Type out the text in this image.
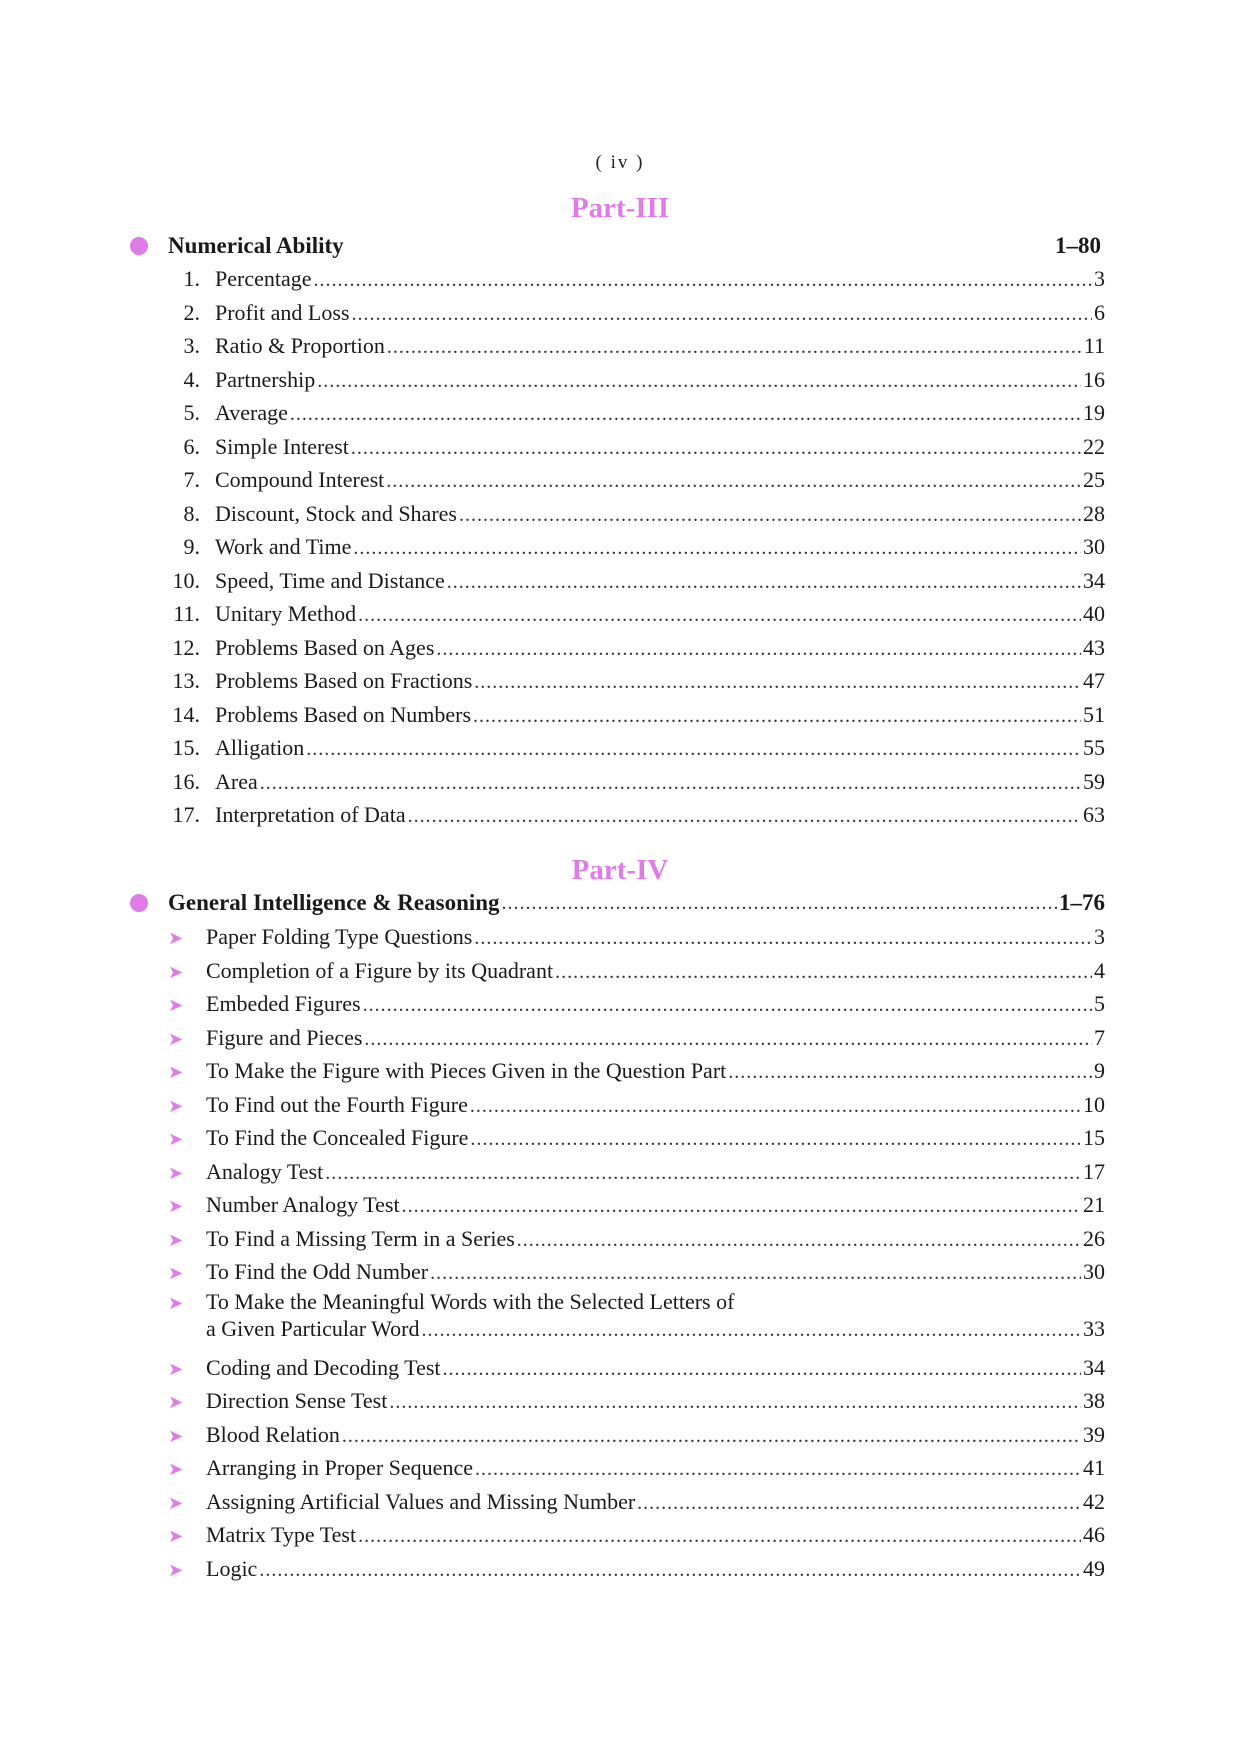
( iv )
Part-III
Numerical Ability	1–80
1. Percentage .....	3
2. Profit and Loss .....	6
3. Ratio & Proportion .....	11
4. Partnership .....	16
5. Average .....	19
6. Simple Interest .....	22
7. Compound Interest .....	25
8. Discount, Stock and Shares .....	28
9. Work and Time .....	30
10. Speed, Time and Distance .....	34
11. Unitary Method .....	40
12. Problems Based on Ages .....	43
13. Problems Based on Fractions .....	47
14. Problems Based on Numbers .....	51
15. Alligation .....	55
16. Area .....	59
17. Interpretation of Data .....	63
Part-IV
General Intelligence & Reasoning .....	1–76
➤ Paper Folding Type Questions .....	3
➤ Completion of a Figure by its Quadrant .....	4
➤ Embeded Figures .....	5
➤ Figure and Pieces .....	7
➤ To Make the Figure with Pieces Given in the Question Part .....	9
➤ To Find out the Fourth Figure .....	10
➤ To Find the Concealed Figure .....	15
➤ Analogy Test .....	17
➤ Number Analogy Test .....	21
➤ To Find a Missing Term in a Series .....	26
➤ To Find the Odd Number .....	30
➤ To Make the Meaningful Words with the Selected Letters of
a Given Particular Word .....	33
➤ Coding and Decoding Test .....	34
➤ Direction Sense Test .....	38
➤ Blood Relation .....	39
➤ Arranging in Proper Sequence .....	41
➤ Assigning Artificial Values and Missing Number .....	42
➤ Matrix Type Test .....	46
➤ Logic .....	49
